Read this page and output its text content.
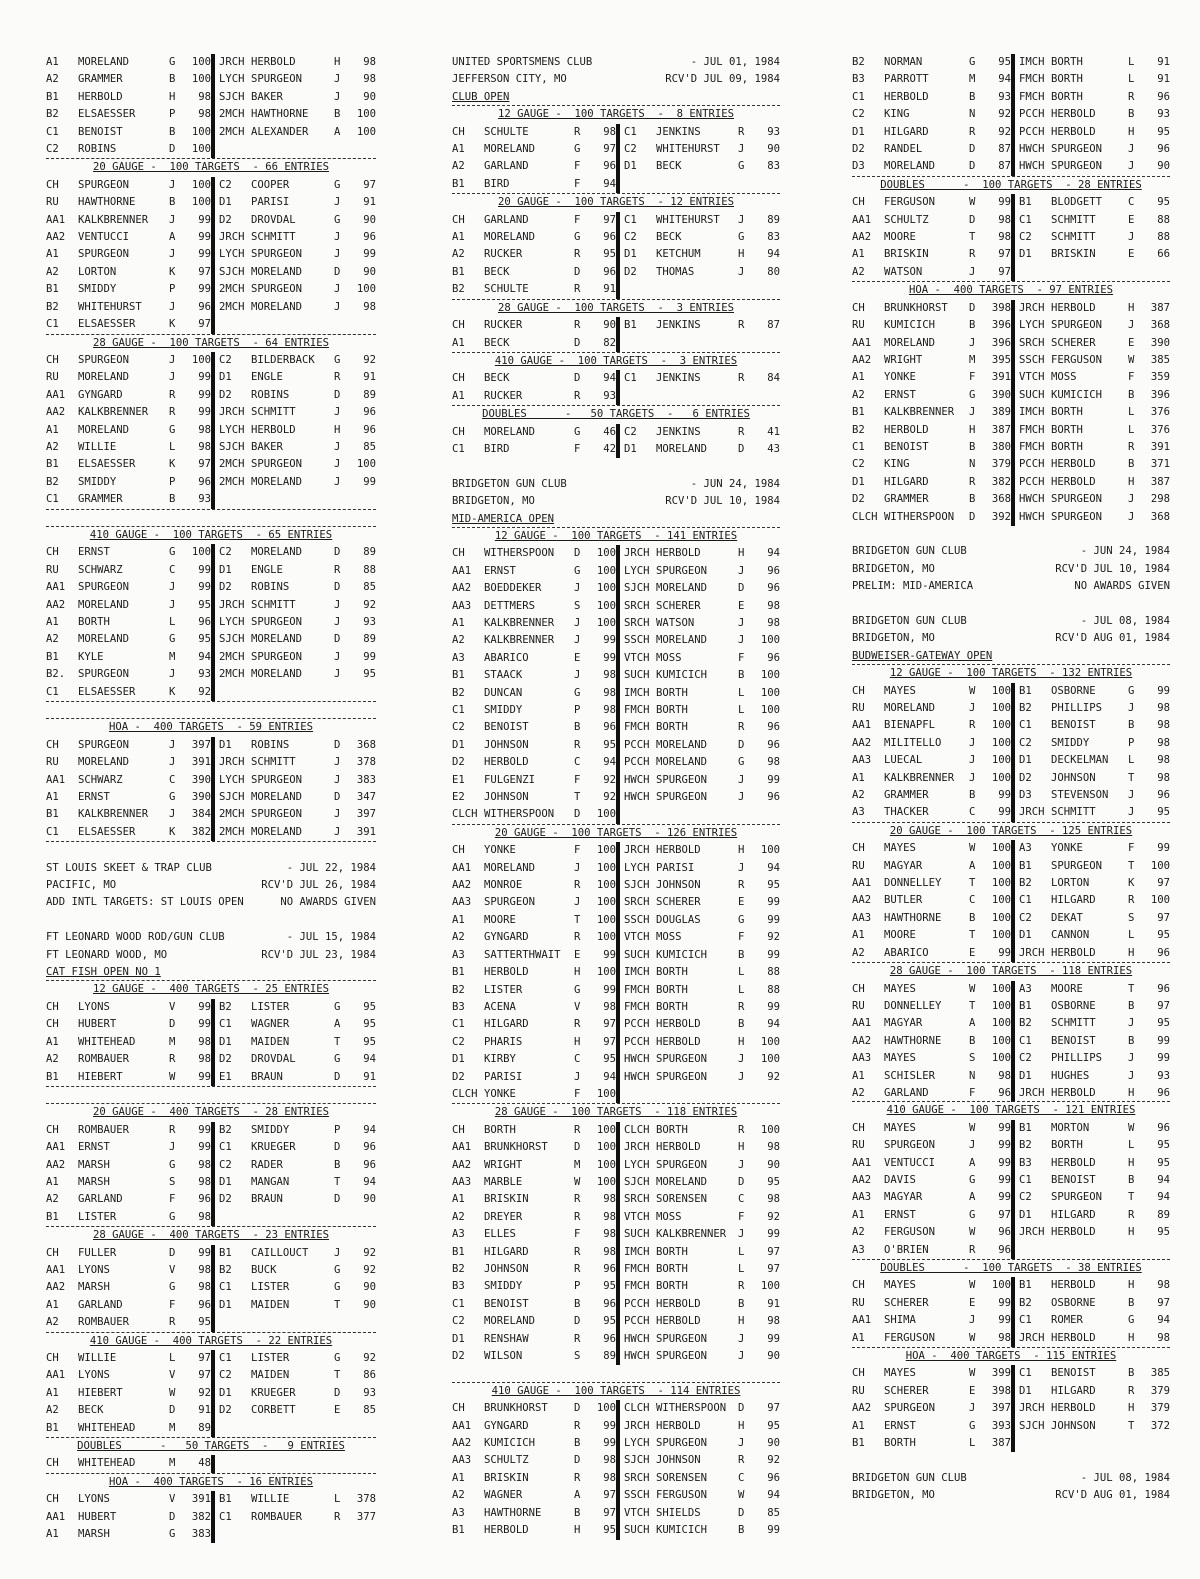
A1	MORELAND	G	100 JRCH HERBOLD	H	98
A2	GRAMMER	B	100 LYCH SPURGEON	J	98
B1	HERBOLD	H	98 SJCH BAKER	J	90
B2	ELSAESSER	P	98 2MCH HAWTHORNE	B	100
C1	BENOIST	B	100 2MCH ALEXANDER	A	100
C2	ROBINS	D	100
20 GAUGE -  100 TARGETS  - 66 ENTRIES
CH	SPURGEON	J	100 C2	COOPER	G	97
RU	HAWTHORNE	B	100 D1	PARISI	J	91
AA1	KALKBRENNER	J	99 D2	DROVDAL	G	90
AA2	VENTUCCI	A	99 JRCH SCHMITT	J	96
A1	SPURGEON	J	99 LYCH SPURGEON	J	99
A2	LORTON	K	97 SJCH MORELAND	D	90
B1	SMIDDY	P	99 2MCH SPURGEON	J	100
B2	WHITEHURST	J	96 2MCH MORELAND	J	98
C1	ELSAESSER	K	97
28 GAUGE -  100 TARGETS  - 64 ENTRIES
CH	SPURGEON	J	100 C2	BILDERBACK	G	92
RU	MORELAND	J	99 D1	ENGLE	R	91
AA1	GYNGARD	R	99 D2	ROBINS	D	89
AA2	KALKBRENNER	R	99 JRCH SCHMITT	J	96
A1	MORELAND	G	98 LYCH HERBOLD	H	96
A2	WILLIE	L	98 SJCH BAKER	J	85
B1	ELSAESSER	K	97 2MCH SPURGEON	J	100
B2	SMIDDY	P	96 2MCH MORELAND	J	99
C1	GRAMMER	B	93
410 GAUGE -  100 TARGETS  - 65 ENTRIES
CH	ERNST	G	100 C2	MORELAND	D	89
RU	SCHWARZ	C	99 D1	ENGLE	R	88
AA1	SPURGEON	J	99 D2	ROBINS	D	85
AA2	MORELAND	J	95 JRCH SCHMITT	J	92
A1	BORTH	L	96 LYCH SPURGEON	J	93
A2	MORELAND	G	95 SJCH MORELAND	D	89
B1	KYLE	M	94 2MCH SPURGEON	J	99
B2.	SPURGEON	J	93 2MCH MORELAND	J	95
C1	ELSAESSER	K	92
HOA -  400 TARGETS  - 59 ENTRIES
CH	SPURGEON	J	397 D1	ROBINS	D	368
RU	MORELAND	J	391 JRCH SCHMITT	J	378
AA1	SCHWARZ	C	390 LYCH SPURGEON	J	383
A1	ERNST	G	390 SJCH MORELAND	D	347
B1	KALKBRENNER	J	384 2MCH SPURGEON	J	397
C1	ELSAESSER	K	382 2MCH MORELAND	J	391
ST LOUIS SKEET & TRAP CLUB	- JUL 22, 1984
PACIFIC, MO	RCV'D JUL 26, 1984
ADD INTL TARGETS: ST LOUIS OPEN	NO AWARDS GIVEN
FT LEONARD WOOD ROD/GUN CLUB	- JUL 15, 1984
FT LEONARD WOOD, MO	RCV'D JUL 23, 1984
CAT FISH OPEN NO 1
12 GAUGE -  400 TARGETS  - 25 ENTRIES
CH	LYONS	V	99 B2	LISTER	G	95
CH	HUBERT	D	99 C1	WAGNER	A	95
A1	WHITEHEAD	M	98 D1	MAIDEN	T	95
A2	ROMBAUER	R	98 D2	DROVDAL	G	94
B1	HIEBERT	W	99 E1	BRAUN	D	91
20 GAUGE -  400 TARGETS  - 28 ENTRIES
CH	ROMBAUER	R	99 B2	SMIDDY	P	94
AA1	ERNST	J	99 C1	KRUEGER	D	96
AA2	MARSH	G	98 C2	RADER	B	96
A1	MARSH	S	98 D1	MANGAN	T	94
A2	GARLAND	F	96 D2	BRAUN	D	90
B1	LISTER	G	98
28 GAUGE -  400 TARGETS  - 23 ENTRIES
CH	FULLER	D	99 B1	CAILLOUCT	J	92
AA1	LYONS	V	98 B2	BUCK	G	92
AA2	MARSH	G	98 C1	LISTER	G	90
A1	GARLAND	F	96 D1	MAIDEN	T	90
A2	ROMBAUER	R	95
410 GAUGE -  400 TARGETS  - 22 ENTRIES
CH	WILLIE	L	97 C1	LISTER	G	92
AA1	LYONS	V	97 C2	MAIDEN	T	86
A1	HIEBERT	W	92 D1	KRUEGER	D	93
A2	BECK	D	91 D2	CORBETT	E	85
B1	WHITEHEAD	M	89
DOUBLES      -   50 TARGETS  -   9 ENTRIES
CH	WHITEHEAD	M	48
HOA -  400 TARGETS  - 16 ENTRIES
CH	LYONS	V	391 B1	WILLIE	L	378
AA1	HUBERT	D	382 C1	ROMBAUER	R	377
A1	MARSH	G	383
UNITED SPORTSMENS CLUB	- JUL 01, 1984
JEFFERSON CITY, MO	RCV'D JUL 09, 1984
CLUB OPEN
12 GAUGE -  100 TARGETS  -  8 ENTRIES
CH	SCHULTE	R	98 C1	JENKINS	R	93
A1	MORELAND	G	97 C2	WHITEHURST	J	90
A2	GARLAND	F	96 D1	BECK	G	83
B1	BIRD	F	94
20 GAUGE -  100 TARGETS  - 12 ENTRIES
CH	GARLAND	F	97 C1	WHITEHURST	J	89
A1	MORELAND	G	96 C2	BECK	G	83
A2	RUCKER	R	95 D1	KETCHUM	H	94
B1	BECK	D	96 D2	THOMAS	J	80
B2	SCHULTE	R	91
28 GAUGE -  100 TARGETS  -  3 ENTRIES
CH	RUCKER	R	90 B1	JENKINS	R	87
A1	BECK	D	82
410 GAUGE -  100 TARGETS  -  3 ENTRIES
CH	BECK	D	94 C1	JENKINS	R	84
A1	RUCKER	R	93
DOUBLES      -   50 TARGETS  -   6 ENTRIES
CH	MORELAND	G	46 C2	JENKINS	R	41
C1	BIRD	F	42 D1	MORELAND	D	43
BRIDGETON GUN CLUB	- JUN 24, 1984
BRIDGETON, MO	RCV'D JUL 10, 1984
MID-AMERICA OPEN
12 GAUGE -  100 TARGETS  - 141 ENTRIES
CH	WITHERSPOON	D	100 JRCH HERBOLD	H	94
AA1	ERNST	G	100 LYCH SPURGEON	J	96
AA2	BOEDDEKER	J	100 SJCH MORELAND	D	96
AA3	DETTMERS	S	100 SRCH SCHERER	E	98
A1	KALKBRENNER	J	100 SRCH WATSON	J	98
A2	KALKBRENNER	J	99 SSCH MORELAND	J	100
A3	ABARICO	E	99 VTCH MOSS	F	96
B1	STAACK	J	98 SUCH KUMICICH	B	100
B2	DUNCAN	G	98 IMCH BORTH	L	100
C1	SMIDDY	P	98 FMCH BORTH	L	100
C2	BENOIST	B	96 FMCH BORTH	R	96
D1	JOHNSON	R	95 PCCH MORELAND	D	96
D2	HERBOLD	C	94 PCCH MORELAND	G	98
E1	FULGENZI	F	92 HWCH SPURGEON	J	99
E2	JOHNSON	T	92 HWCH SPURGEON	J	96
CLCH WITHERSPOON	D	100
20 GAUGE -  100 TARGETS  - 126 ENTRIES
CH	YONKE	F	100 JRCH HERBOLD	H	100
AA1	MORELAND	J	100 LYCH PARISI	J	94
AA2	MONROE	R	100 SJCH JOHNSON	R	95
AA3	SPURGEON	J	100 SRCH SCHERER	E	99
A1	MOORE	T	100 SSCH DOUGLAS	G	99
A2	GYNGARD	R	100 VTCH MOSS	F	92
A3	SATTERTHWAIT	E	99 SUCH KUMICICH	B	99
B1	HERBOLD	H	100 IMCH BORTH	L	88
B2	LISTER	G	99 FMCH BORTH	L	88
B3	ACENA	V	98 FMCH BORTH	R	99
C1	HILGARD	R	97 PCCH HERBOLD	B	94
C2	PHARIS	H	97 PCCH HERBOLD	H	100
D1	KIRBY	C	95 HWCH SPURGEON	J	100
D2	PARISI	J	94 HWCH SPURGEON	J	92
CLCH YONKE	F	100
28 GAUGE -  100 TARGETS  - 118 ENTRIES
CH	BORTH	R	100 CLCH BORTH	R	100
AA1	BRUNKHORST	D	100 JRCH HERBOLD	H	98
AA2	WRIGHT	M	100 LYCH SPURGEON	J	90
AA3	MARBLE	W	100 SJCH MORELAND	D	95
A1	BRISKIN	R	98 SRCH SORENSEN	C	98
A2	DREYER	R	98 VTCH MOSS	F	92
A3	ELLES	F	98 SUCH KALKBRENNER	J	99
B1	HILGARD	R	98 IMCH BORTH	L	97
B2	JOHNSON	R	96 FMCH BORTH	L	97
B3	SMIDDY	P	95 FMCH BORTH	R	100
C1	BENOIST	B	96 PCCH HERBOLD	B	91
C2	MORELAND	D	95 PCCH HERBOLD	H	98
D1	RENSHAW	R	96 HWCH SPURGEON	J	99
D2	WILSON	S	89 HWCH SPURGEON	J	90
410 GAUGE -  100 TARGETS  - 114 ENTRIES
CH	BRUNKHORST	D	100 CLCH WITHERSPOON	D	97
AA1	GYNGARD	R	99 JRCH HERBOLD	H	95
AA2	KUMICICH	B	99 LYCH SPURGEON	J	90
AA3	SCHULTZ	D	98 SJCH JOHNSON	R	92
A1	BRISKIN	R	98 SRCH SORENSEN	C	96
A2	WAGNER	A	97 SSCH FERGUSON	W	94
A3	HAWTHORNE	B	97 VTCH SHIELDS	D	85
B1	HERBOLD	H	95 SUCH KUMICICH	B	99
B2	NORMAN	G	95 IMCH BORTH	L	91
B3	PARROTT	M	94 FMCH BORTH	L	91
C1	HERBOLD	B	93 FMCH BORTH	R	96
C2	KING	N	92 PCCH HERBOLD	B	93
D1	HILGARD	R	92 PCCH HERBOLD	H	95
D2	RANDEL	D	87 HWCH SPURGEON	J	96
D3	MORELAND	D	87 HWCH SPURGEON	J	90
DOUBLES      -  100 TARGETS  - 28 ENTRIES
CH	FERGUSON	W	99 B1	BLODGETT	C	95
AA1	SCHULTZ	D	98 C1	SCHMITT	E	88
AA2	MOORE	T	98 C2	SCHMITT	J	88
A1	BRISKIN	R	97 D1	BRISKIN	E	66
A2	WATSON	J	97
HOA -  400 TARGETS  - 97 ENTRIES
CH	BRUNKHORST	D	398 JRCH HERBOLD	H	387
RU	KUMICICH	B	396 LYCH SPURGEON	J	368
AA1	MORELAND	J	396 SRCH SCHERER	E	390
AA2	WRIGHT	M	395 SSCH FERGUSON	W	385
A1	YONKE	F	391 VTCH MOSS	F	359
A2	ERNST	G	390 SUCH KUMICICH	B	396
B1	KALKBRENNER	J	389 IMCH BORTH	L	376
B2	HERBOLD	H	387 FMCH BORTH	L	376
C1	BENOIST	B	380 FMCH BORTH	R	391
C2	KING	N	379 PCCH HERBOLD	B	371
D1	HILGARD	R	382 PCCH HERBOLD	H	387
D2	GRAMMER	B	368 HWCH SPURGEON	J	298
CLCH WITHERSPOON	D	392 HWCH SPURGEON	J	368
BRIDGETON GUN CLUB	- JUN 24, 1984
BRIDGETON, MO	RCV'D JUL 10, 1984
PRELIM: MID-AMERICA	NO AWARDS GIVEN
BRIDGETON GUN CLUB	- JUL 08, 1984
BRIDGETON, MO	RCV'D AUG 01, 1984
BUDWEISER-GATEWAY OPEN
12 GAUGE -  100 TARGETS  - 132 ENTRIES
CH	MAYES	W	100 B1	OSBORNE	G	99
RU	MORELAND	J	100 B2	PHILLIPS	J	98
AA1	BIENAPFL	R	100 C1	BENOIST	B	98
AA2	MILITELLO	J	100 C2	SMIDDY	P	98
AA3	LUECAL	J	100 D1	DECKELMAN	L	98
A1	KALKBRENNER	J	100 D2	JOHNSON	T	98
A2	GRAMMER	B	99 D3	STEVENSON	J	96
A3	THACKER	C	99 JRCH SCHMITT	J	95
20 GAUGE -  100 TARGETS  - 125 ENTRIES
CH	MAYES	W	100 A3	YONKE	F	99
RU	MAGYAR	A	100 B1	SPURGEON	T	100
AA1	DONNELLEY	T	100 B2	LORTON	K	97
AA2	BUTLER	C	100 C1	HILGARD	R	100
AA3	HAWTHORNE	B	100 C2	DEKAT	S	97
A1	MOORE	T	100 D1	CANNON	L	95
A2	ABARICO	E	99 JRCH HERBOLD	H	96
28 GAUGE -  100 TARGETS  - 118 ENTRIES
CH	MAYES	W	100 A3	MOORE	T	96
RU	DONNELLEY	T	100 B1	OSBORNE	B	97
AA1	MAGYAR	A	100 B2	SCHMITT	J	95
AA2	HAWTHORNE	B	100 C1	BENOIST	B	99
AA3	MAYES	S	100 C2	PHILLIPS	J	99
A1	SCHISLER	N	98 D1	HUGHES	J	93
A2	GARLAND	F	96 JRCH HERBOLD	H	96
410 GAUGE -  100 TARGETS  - 121 ENTRIES
CH	MAYES	W	99 B1	MORTON	W	96
RU	SPURGEON	J	99 B2	BORTH	L	95
AA1	VENTUCCI	A	99 B3	HERBOLD	H	95
AA2	DAVIS	G	99 C1	BENOIST	B	94
AA3	MAGYAR	A	99 C2	SPURGEON	T	94
A1	ERNST	G	97 D1	HILGARD	R	89
A2	FERGUSON	W	96 JRCH HERBOLD	H	95
A3	O'BRIEN	R	96
DOUBLES      -  100 TARGETS  - 38 ENTRIES
CH	MAYES	W	100 B1	HERBOLD	H	98
RU	SCHERER	E	99 B2	OSBORNE	B	97
AA1	SHIMA	J	99 C1	ROMER	G	94
A1	FERGUSON	W	98 JRCH HERBOLD	H	98
HOA -  400 TARGETS  - 115 ENTRIES
CH	MAYES	W	399 C1	BENOIST	B	385
RU	SCHERER	E	398 D1	HILGARD	R	379
AA2	SPURGEON	J	397 JRCH HERBOLD	H	379
A1	ERNST	G	393 SJCH JOHNSON	T	372
B1	BORTH	L	387
BRIDGETON GUN CLUB	- JUL 08, 1984
BRIDGETON, MO	RCV'D AUG 01, 1984
